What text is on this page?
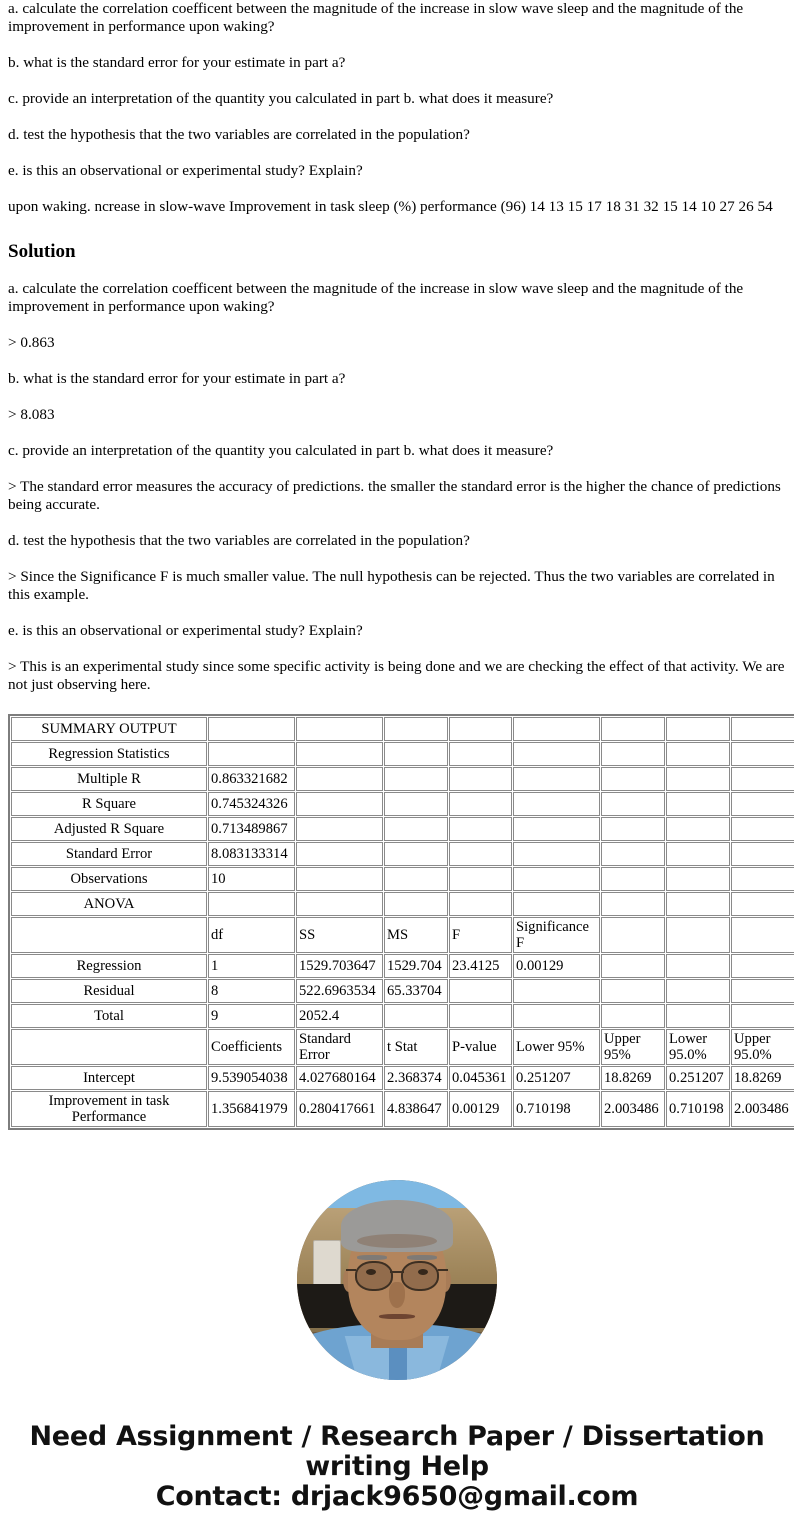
a. calculate the correlation coefficent between the magnitude of the increase in slow wave sleep and the magnitude of the improvement in performance upon waking?

b. what is the standard error for your estimate in part a?

c. provide an interpretation of the quantity you calculated in part b. what does it measure?

d. test the hypothesis that the two variables are correlated in the population?

e. is this an observational or experimental study? Explain?

upon waking. ncrease in slow-wave Improvement in task sleep (%) performance (96) 14 13 15 17 18 31 32 15 14 10 27 26 54

Solution

a. calculate the correlation coefficent between the magnitude of the increase in slow wave sleep and the magnitude of the improvement in performance upon waking?

> 0.863

b. what is the standard error for your estimate in part a?

> 8.083

c. provide an interpretation of the quantity you calculated in part b. what does it measure?

> The standard error measures the accuracy of predictions. the smaller the standard error is the higher the chance of predictions being accurate.

d. test the hypothesis that the two variables are correlated in the population?

> Since the Significance F is much smaller value. The null hypothesis can be rejected. Thus the two variables are correlated in this example.

e. is this an observational or experimental study? Explain?

> This is an experimental study since some specific activity is being done and we are checking the effect of that activity. We are not just observing here.

SUMMARY OUTPUT								
Regression Statistics								
Multiple R	0.863321682							
R Square	0.745324326							
Adjusted R Square	0.713489867							
Standard Error	8.083133314							
Observations	10							
ANOVA								
	df	SS	MS	F	Significance F			
Regression	1	1529.703647	1529.704	23.4125	0.00129			
Residual	8	522.6963534	65.33704					
Total	9	2052.4						
	Coefficients	Standard Error	t Stat	P-value	Lower 95%	Upper 95%	Lower 95.0%	Upper 95.0%
Intercept	9.539054038	4.027680164	2.368374	0.045361	0.251207	18.8269	0.251207	18.8269
Improvement in task Performance	1.356841979	0.280417661	4.838647	0.00129	0.710198	2.003486	0.710198	2.003486
Need Assignment / Research Paper / Dissertation
writing Help
Contact: drjack9650@gmail.com
